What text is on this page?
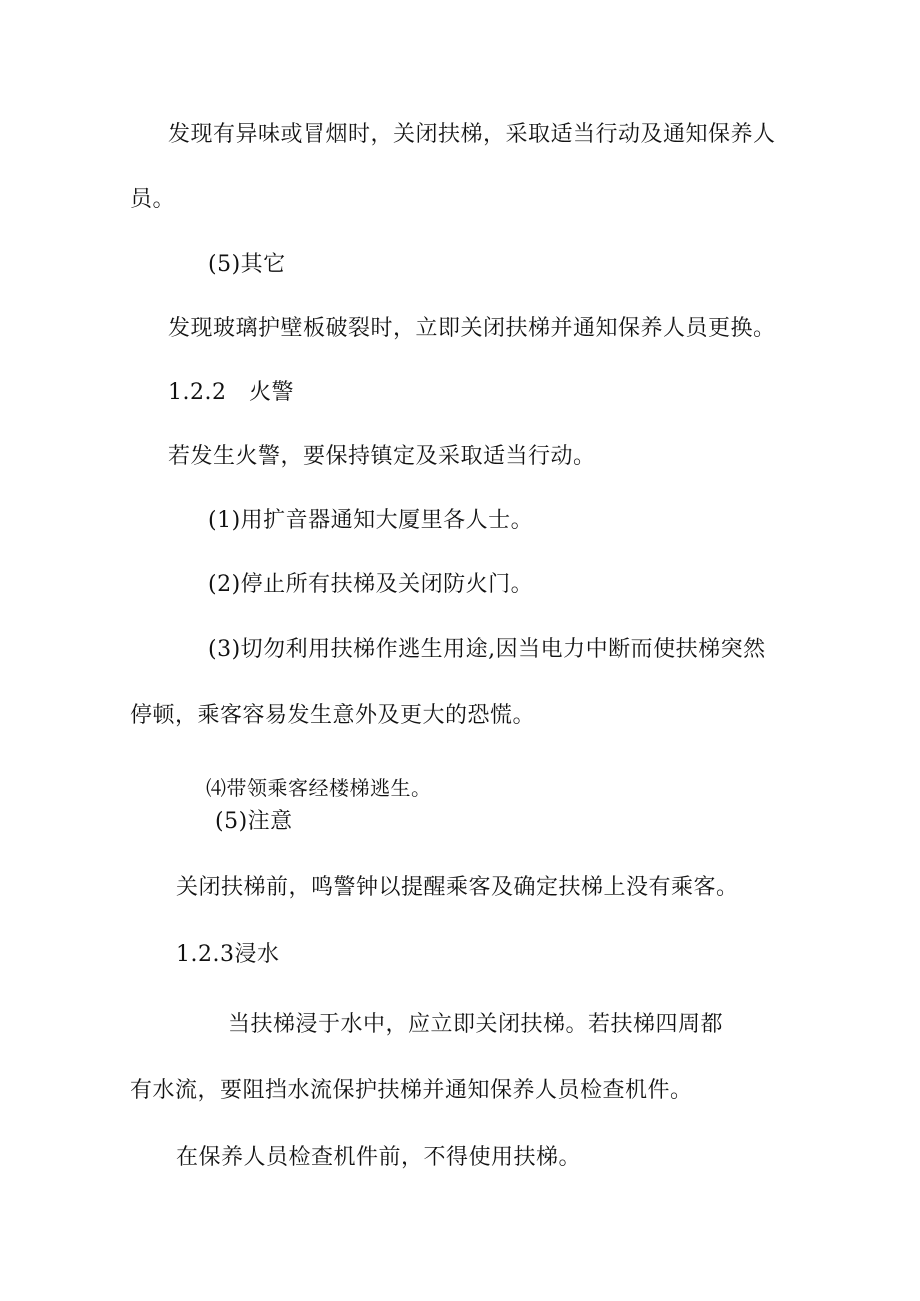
发现有异味或冒烟时，关闭扶梯，采取适当行动及通知保养人

员。

(5)其它

发现玻璃护壁板破裂时，立即关闭扶梯并通知保养人员更换。

1.2.2　火警

若发生火警，要保持镇定及采取适当行动。

(1)用扩音器通知大厦里各人士。

(2)停止所有扶梯及关闭防火门。

(3)切勿利用扶梯作逃生用途,因当电力中断而使扶梯突然

停顿，乘客容易发生意外及更大的恐慌。

⑷带领乘客经楼梯逃生。

(5)注意

关闭扶梯前，鸣警钟以提醒乘客及确定扶梯上没有乘客。

1.2.3浸水

当扶梯浸于水中，应立即关闭扶梯。若扶梯四周都

有水流，要阻挡水流保护扶梯并通知保养人员检查机件。

在保养人员检查机件前，不得使用扶梯。
